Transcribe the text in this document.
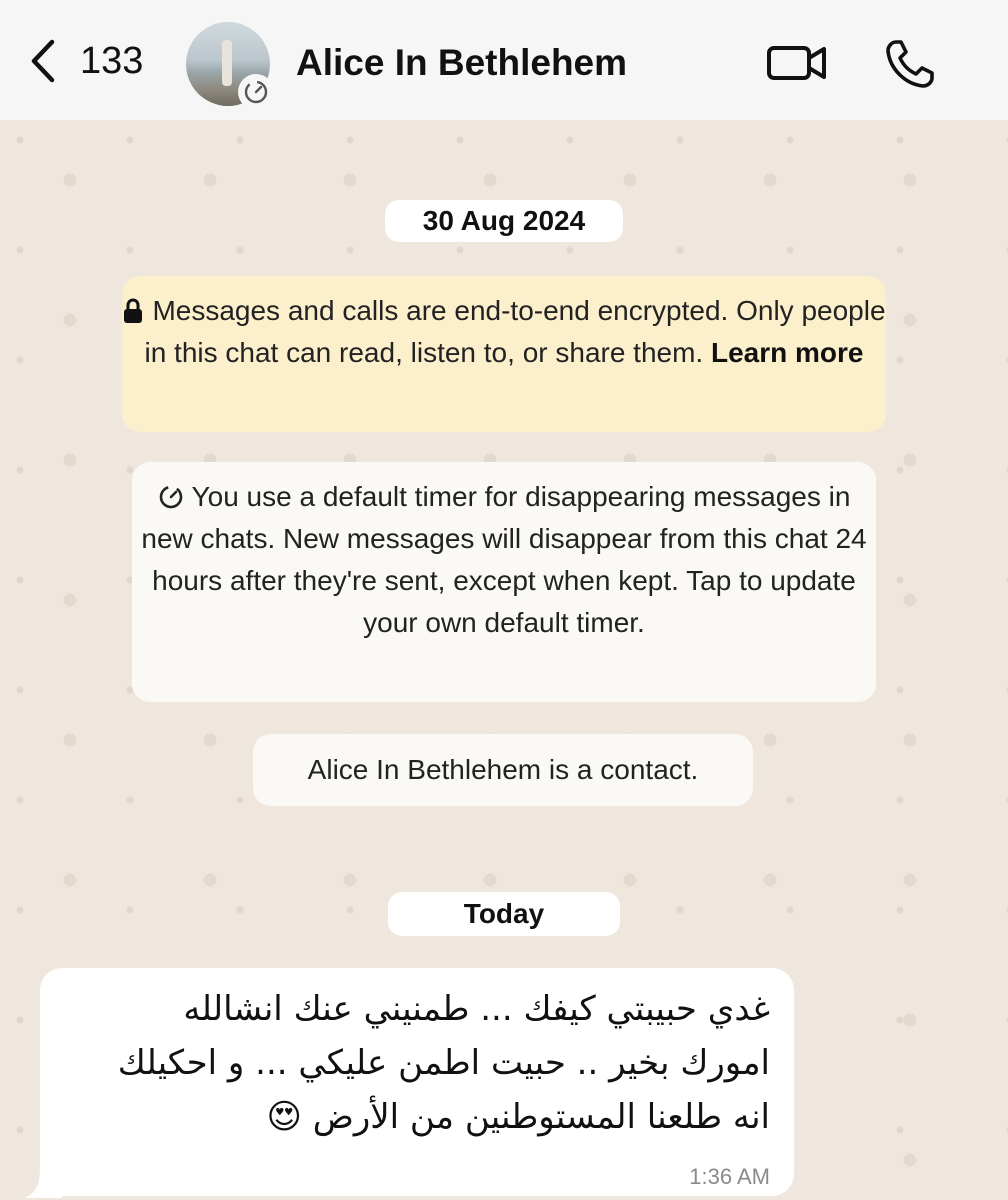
133	Alice In Bethlehem
30 Aug 2024
Messages and calls are end-to-end encrypted. Only people in this chat can read, listen to, or share them. Learn more
You use a default timer for disappearing messages in new chats. New messages will disappear from this chat 24 hours after they're sent, except when kept. Tap to update your own default timer.
Alice In Bethlehem is a contact.
Today
غدي حبيبتي كيفك ... طمنيني عنك انشالله
امورك بخير .. حبيت اطمن عليكي ... و احكيلك
انه طلعنا المستوطنين من الأرض 😍
1:36 AM
